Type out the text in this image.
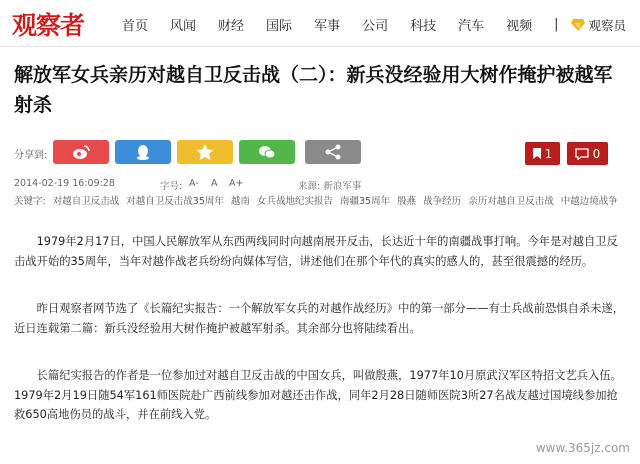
观察者	首页 风闻 财经 国际 军事 公司 科技 汽车 视频 | 观察员
解放军女兵亲历对越自卫反击战（二）：新兵没经验用大树作掩护被越军射杀
分享到:	1	0
2014-02-19 16:09:28	字号: A- A A+	来源: 新浪军事
关键字: 对越自卫反击战 对越自卫反击战35周年 越南 女兵战地纪实报告 南疆35周年 殷燕 战争经历 亲历对越自卫反击战 中越边境战争

1979年2月17日，中国人民解放军从东西两线同时向越南展开反击，长达近十年的南疆战事打响。今年是对越自卫反击战开始的35周年，当年对越作战老兵纷纷向媒体写信，讲述他们在那个年代的真实的感人的，甚至很震撼的经历。

昨日观察者网节选了《长篇纪实报告：一个解放军女兵的对越作战经历》中的第一部分——有士兵战前恐惧自杀未遂，近日连载第二篇：新兵没经验用大树作掩护被越军射杀。其余部分也将陆续看出。

长篇纪实报告的作者是一位参加过对越自卫反击战的中国女兵，叫做殷燕，1977年10月原武汉军区特招文艺兵入伍。1979年2月19日随54军161师医院赴广西前线参加对越还击作战，同年2月28日随师医院3所27名战友越过国境线参加抢救650高地伤员的战斗，并在前线入党。

www.365jz.com
